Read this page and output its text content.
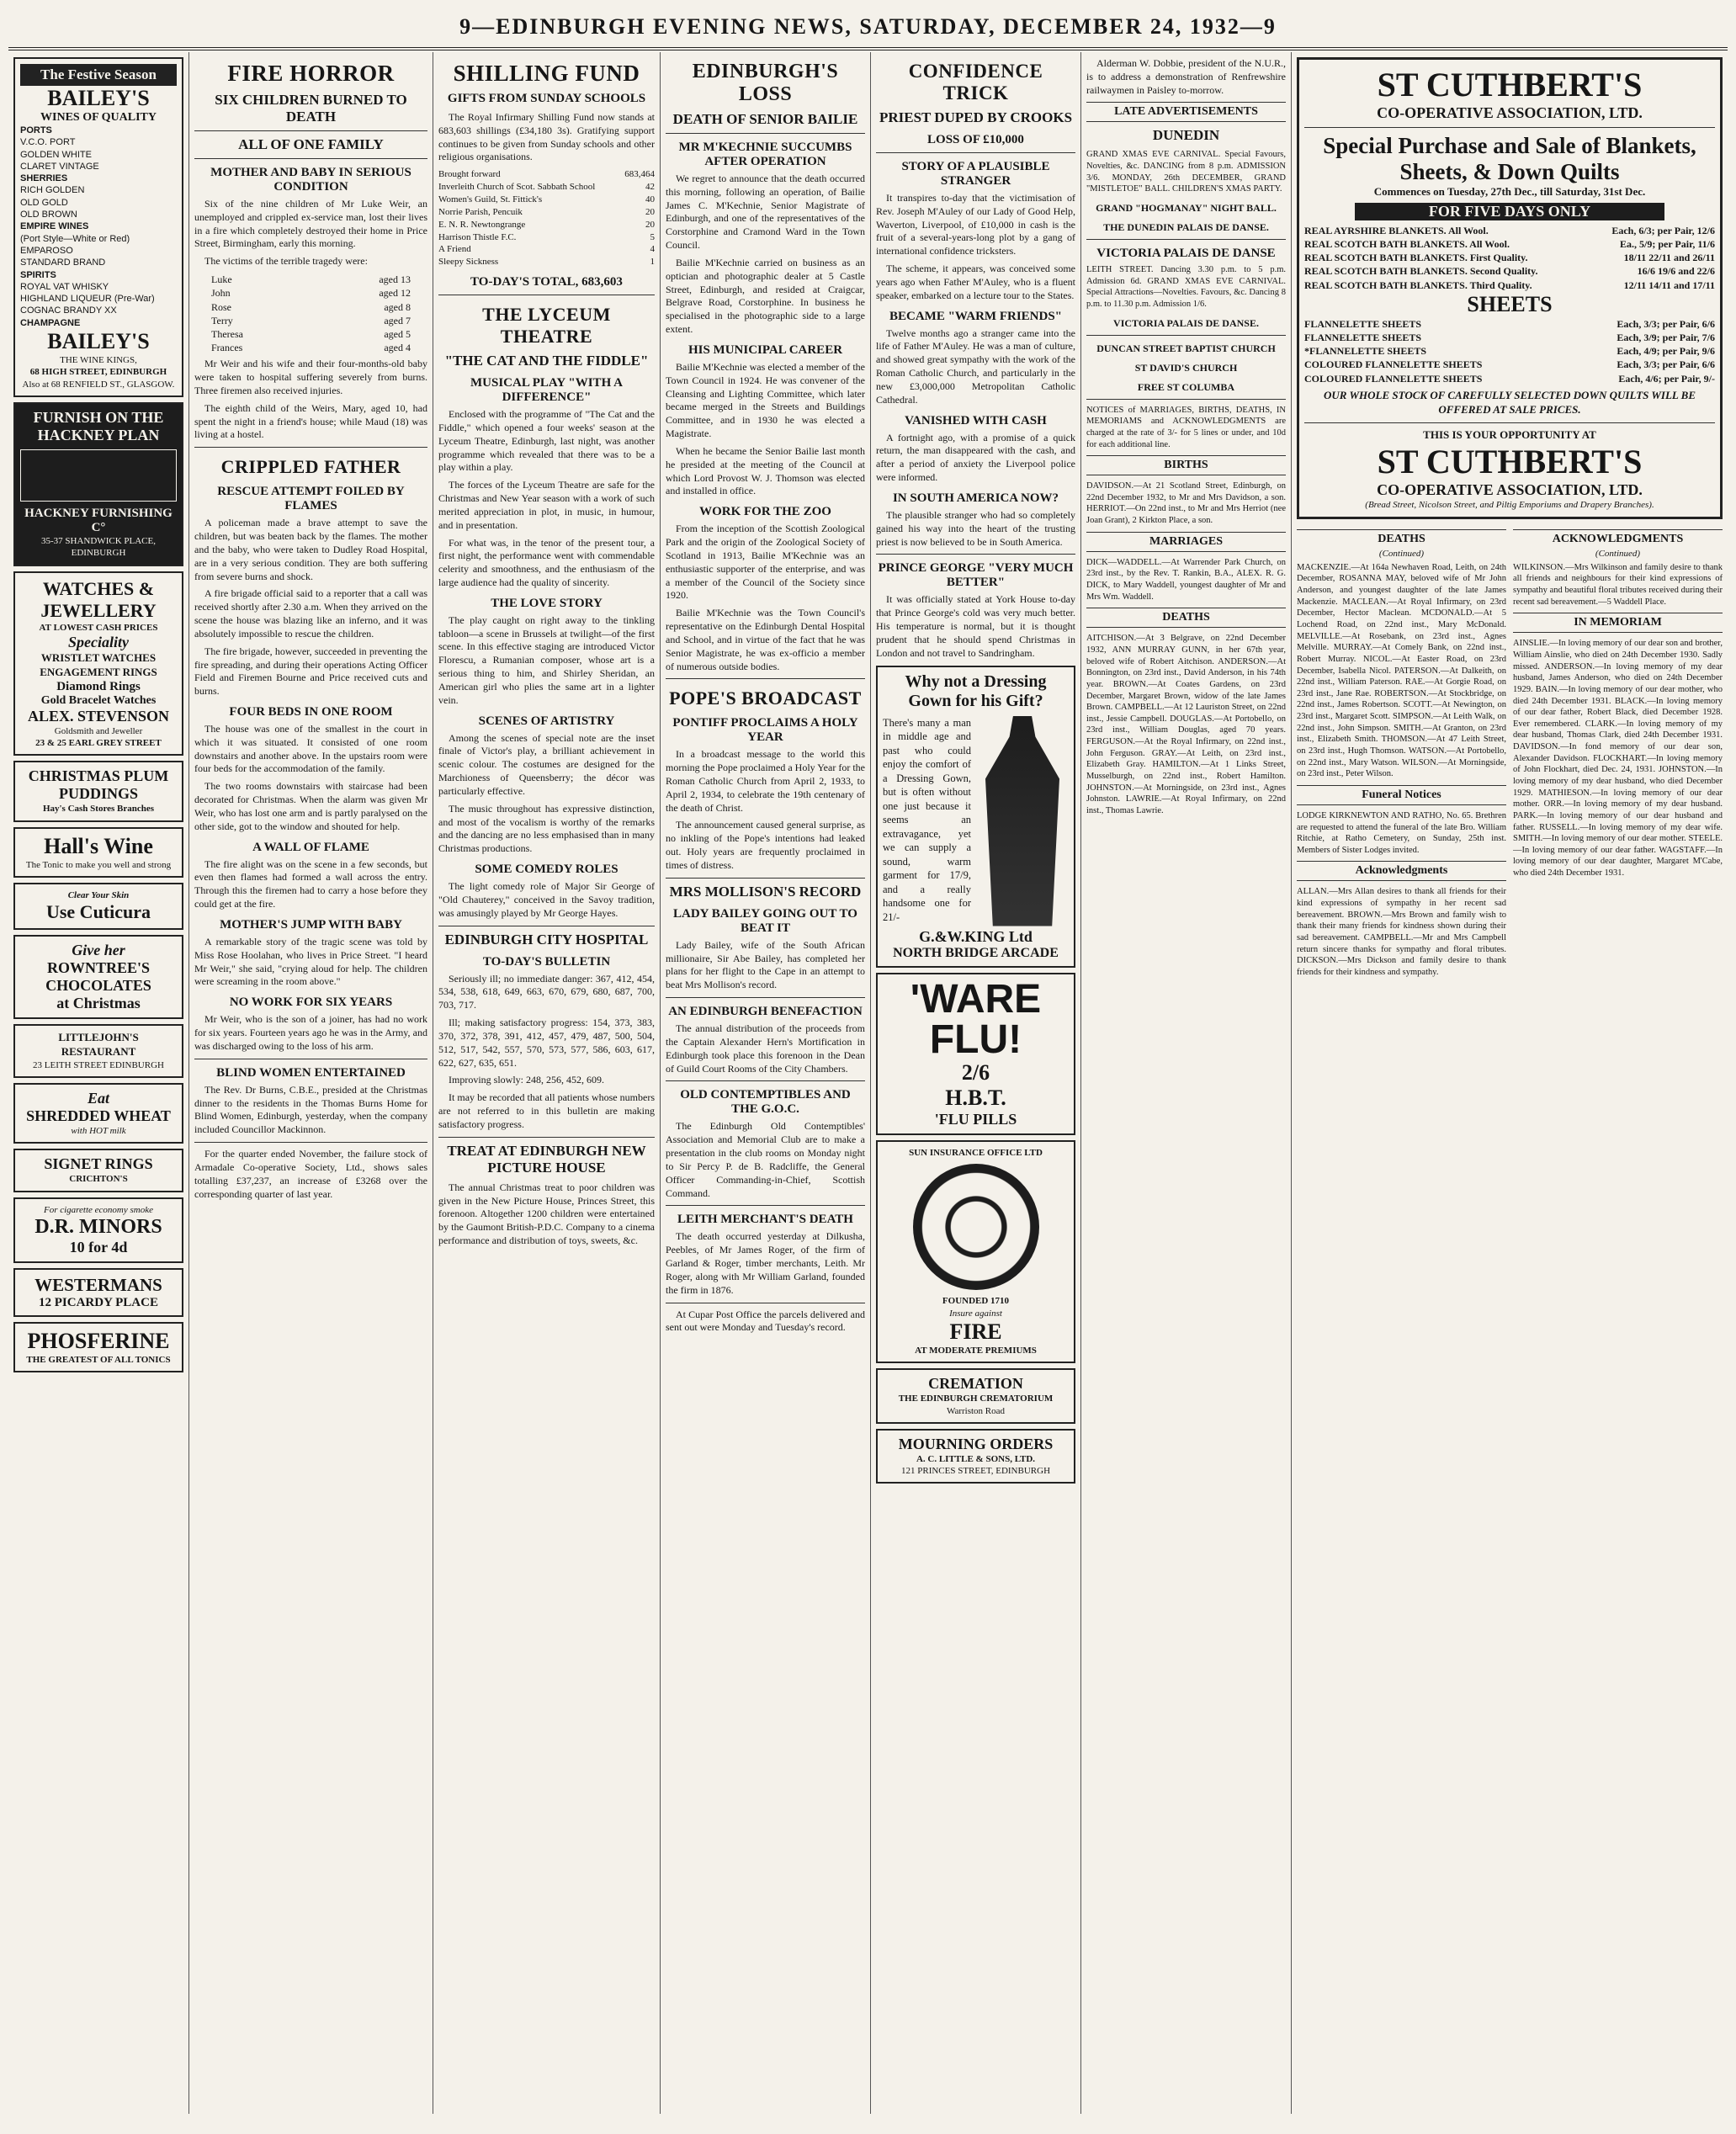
9—EDINBURGH EVENING NEWS, SATURDAY, DECEMBER 24, 1932—9
The Festive Season
BAILEY'S
WINES OF QUALITY
PORTS
V.C.O. PORT
GOLDEN WHITE
CLARET VINTAGE
SHERRIES
RICH GOLDEN
OLD GOLD
OLD BROWN
EMPIRE WINES
(Port Style—White or Red)
EMPAROSO
STANDARD BRAND
SPIRITS
ROYAL VAT WHISKY
HIGHLAND LIQUEUR (Pre-War)
COGNAC BRANDY XX
CHAMPAGNE
BAILEY'S
THE WINE KINGS,
68 HIGH STREET, EDINBURGH
Also at 68 RENFIELD ST., GLASGOW.
FURNISH ON THE HACKNEY PLAN
HACKNEY FURNISHING C°
35-37 SHANDWICK PLACE, EDINBURGH
WATCHES & JEWELLERY
AT LOWEST CASH PRICES
Speciality
WRISTLET WATCHES
ENGAGEMENT RINGS
Diamond Rings
Gold Bracelet Watches
ALEX. STEVENSON
Goldsmith and Jeweller
23 & 25 EARL GREY STREET
CHRISTMAS PLUM PUDDINGS
Hay's Cash Stores Branches
Hall's Wine
The Tonic to make you well and strong
Clear Your Skin
Use Cuticura
Give her
ROWNTREE'S CHOCOLATES
at Christmas
LITTLEJOHN'S RESTAURANT
23 LEITH STREET EDINBURGH
Eat
SHREDDED WHEAT
with HOT milk
SIGNET RINGS
CRICHTON'S
For cigarette economy smoke
D.R. MINORS
10 for 4d
WESTERMANS
12 PICARDY PLACE
PHOSFERINE
THE GREATEST OF ALL TONICS
FIRE HORROR
SIX CHILDREN BURNED TO DEATH
ALL OF ONE FAMILY
MOTHER AND BABY IN SERIOUS CONDITION

Six of the nine children of Mr Luke Weir, an unemployed and crippled ex-service man, lost their lives in a fire which completely destroyed their home in Price Street, Birmingham, early this morning.

The victims of the terrible tragedy were:

Luke	aged 13
John	aged 12
Rose	aged 8
Terry	aged 7
Theresa	aged 5
Frances	aged 4

Mr Weir and his wife and their four-months-old baby were taken to hospital suffering severely from burns. Three firemen also received injuries.

The eighth child of the Weirs, Mary, aged 10, had spent the night in a friend's house; while Maud (18) was living at a hostel.

CRIPPLED FATHER
RESCUE ATTEMPT FOILED BY FLAMES

A policeman made a brave attempt to save the children, but was beaten back by the flames. The mother and the baby, who were taken to Dudley Road Hospital, are in a very serious condition. They are both suffering from severe burns and shock.

A fire brigade official said to a reporter that a call was received shortly after 2.30 a.m. When they arrived on the scene the house was blazing like an inferno, and it was absolutely impossible to rescue the children.

The fire brigade, however, succeeded in preventing the fire spreading, and during their operations Acting Officer Field and Firemen Bourne and Price received cuts and burns.

FOUR BEDS IN ONE ROOM

The house was one of the smallest in the court in which it was situated. It consisted of one room downstairs and another above. In the upstairs room were four beds for the accommodation of the family.

The two rooms downstairs with staircase had been decorated for Christmas. When the alarm was given Mr Weir, who has lost one arm and is partly paralysed on the other side, got to the window and shouted for help.

A WALL OF FLAME

The fire alight was on the scene in a few seconds, but even then flames had formed a wall across the entry. Through this the firemen had to carry a hose before they could get at the fire.

MOTHER'S JUMP WITH BABY

A remarkable story of the tragic scene was told by Miss Rose Hoolahan, who lives in Price Street. "I heard Mr Weir," she said, "crying aloud for help. The children were screaming in the room above."

NO WORK FOR SIX YEARS

Mr Weir, who is the son of a joiner, has had no work for six years. Fourteen years ago he was in the Army, and was discharged owing to the loss of his arm.

BLIND WOMEN ENTERTAINED

The Rev. Dr Burns, C.B.E., presided at the Christmas dinner to the residents in the Thomas Burns Home for Blind Women, Edinburgh, yesterday, when the company included Councillor Mackinnon.

For the quarter ended November, the failure stock of Armadale Co-operative Society, Ltd., shows sales totalling £37,237, an increase of £3268 over the corresponding quarter of last year.

SHILLING FUND
GIFTS FROM SUNDAY SCHOOLS

The Royal Infirmary Shilling Fund now stands at 683,603 shillings (£34,180 3s). Gratifying support continues to be given from Sunday schools and other religious organisations.

Brought forward	683,464
Inverleith Church of Scot. Sabbath School	42
Women's Guild, St. Fittick's	40
Norrie Parish, Pencuik	20
E. N. R. Newtongrange	20
Harrison Thistle F.C.	5
A Friend	4
Sleepy Sickness	1
TO-DAY'S TOTAL, 683,603
THE LYCEUM THEATRE
"THE CAT AND THE FIDDLE"
MUSICAL PLAY "WITH A DIFFERENCE"

Enclosed with the programme of "The Cat and the Fiddle," which opened a four weeks' season at the Lyceum Theatre, Edinburgh, last night, was another programme which revealed that there was to be a play within a play.

The forces of the Lyceum Theatre are safe for the Christmas and New Year season with a work of such merited appreciation in plot, in music, in humour, and in presentation.

For what was, in the tenor of the present tour, a first night, the performance went with commendable celerity and smoothness, and the enthusiasm of the large audience had the quality of sincerity.

THE LOVE STORY

The play caught on right away to the tinkling tabloon—a scene in Brussels at twilight—of the first scene. In this effective staging are introduced Victor Florescu, a Rumanian composer, whose art is a serious thing to him, and Shirley Sheridan, an American girl who plies the same art in a lighter vein.

SCENES OF ARTISTRY

Among the scenes of special note are the inset finale of Victor's play, a brilliant achievement in scenic colour. The costumes are designed for the Marchioness of Queensberry; the décor was particularly effective.

The music throughout has expressive distinction, and most of the vocalism is worthy of the remarks and the dancing are no less emphasised than in many Christmas productions.

SOME COMEDY ROLES

The light comedy role of Major Sir George of "Old Chauterey," conceived in the Savoy tradition, was amusingly played by Mr George Hayes.

EDINBURGH CITY HOSPITAL
TO-DAY'S BULLETIN

Seriously ill; no immediate danger: 367, 412, 454, 534, 538, 618, 649, 663, 670, 679, 680, 687, 700, 703, 717.

Ill; making satisfactory progress: 154, 373, 383, 370, 372, 378, 391, 412, 457, 479, 487, 500, 504, 512, 517, 542, 557, 570, 573, 577, 586, 603, 617, 622, 627, 635, 651.

Improving slowly: 248, 256, 452, 609.

It may be recorded that all patients whose numbers are not referred to in this bulletin are making satisfactory progress.

TREAT AT EDINBURGH NEW PICTURE HOUSE

The annual Christmas treat to poor children was given in the New Picture House, Princes Street, this forenoon. Altogether 1200 children were entertained by the Gaumont British-P.D.C. Company to a cinema performance and distribution of toys, sweets, &c.

EDINBURGH'S LOSS
DEATH OF SENIOR BAILIE
MR M'KECHNIE SUCCUMBS AFTER OPERATION

We regret to announce that the death occurred this morning, following an operation, of Bailie James C. M'Kechnie, Senior Magistrate of Edinburgh, and one of the representatives of the Corstorphine and Cramond Ward in the Town Council.

Bailie M'Kechnie carried on business as an optician and photographic dealer at 5 Castle Street, Edinburgh, and resided at Craigcar, Belgrave Road, Corstorphine. In business he specialised in the photographic side to a large extent.

HIS MUNICIPAL CAREER

Bailie M'Kechnie was elected a member of the Town Council in 1924. He was convener of the Cleansing and Lighting Committee, which later became merged in the Streets and Buildings Committee, and in 1930 he was elected a Magistrate.

When he became the Senior Bailie last month he presided at the meeting of the Council at which Lord Provost W. J. Thomson was elected and installed in office.

WORK FOR THE ZOO

From the inception of the Scottish Zoological Park and the origin of the Zoological Society of Scotland in 1913, Bailie M'Kechnie was an enthusiastic supporter of the enterprise, and was a member of the Council of the Society since 1920.

Bailie M'Kechnie was the Town Council's representative on the Edinburgh Dental Hospital and School, and in virtue of the fact that he was Senior Magistrate, he was ex-officio a member of numerous outside bodies.

POPE'S BROADCAST
PONTIFF PROCLAIMS A HOLY YEAR

In a broadcast message to the world this morning the Pope proclaimed a Holy Year for the Roman Catholic Church from April 2, 1933, to April 2, 1934, to celebrate the 19th centenary of the death of Christ.

The announcement caused general surprise, as no inkling of the Pope's intentions had leaked out. Holy years are frequently proclaimed in times of distress.

MRS MOLLISON'S RECORD
LADY BAILEY GOING OUT TO BEAT IT

Lady Bailey, wife of the South African millionaire, Sir Abe Bailey, has completed her plans for her flight to the Cape in an attempt to beat Mrs Mollison's record.

AN EDINBURGH BENEFACTION

The annual distribution of the proceeds from the Captain Alexander Hern's Mortification in Edinburgh took place this forenoon in the Dean of Guild Court Rooms of the City Chambers.

OLD CONTEMPTIBLES AND THE G.O.C.

The Edinburgh Old Contemptibles' Association and Memorial Club are to make a presentation in the club rooms on Monday night to Sir Percy P. de B. Radcliffe, the General Officer Commanding-in-Chief, Scottish Command.

LEITH MERCHANT'S DEATH

The death occurred yesterday at Dilkusha, Peebles, of Mr James Roger, of the firm of Garland & Roger, timber merchants, Leith. Mr Roger, along with Mr William Garland, founded the firm in 1876.

At Cupar Post Office the parcels delivered and sent out were Monday and Tuesday's record.

CONFIDENCE TRICK
PRIEST DUPED BY CROOKS
LOSS OF £10,000
STORY OF A PLAUSIBLE STRANGER

It transpires to-day that the victimisation of Rev. Joseph M'Auley of our Lady of Good Help, Waverton, Liverpool, of £10,000 in cash is the fruit of a several-years-long plot by a gang of international confidence tricksters.

The scheme, it appears, was conceived some years ago when Father M'Auley, who is a fluent speaker, embarked on a lecture tour to the States.

BECAME "WARM FRIENDS"

Twelve months ago a stranger came into the life of Father M'Auley. He was a man of culture, and showed great sympathy with the work of the Roman Catholic Church, and particularly in the new £3,000,000 Metropolitan Catholic Cathedral.

VANISHED WITH CASH

A fortnight ago, with a promise of a quick return, the man disappeared with the cash, and after a period of anxiety the Liverpool police were informed.

IN SOUTH AMERICA NOW?

The plausible stranger who had so completely gained his way into the heart of the trusting priest is now believed to be in South America.

PRINCE GEORGE "VERY MUCH BETTER"

It was officially stated at York House to-day that Prince George's cold was very much better. His temperature is normal, but it is thought prudent that he should spend Christmas in London and not travel to Sandringham.

Why not a Dressing Gown for his Gift?

There's many a man in middle age and past who could enjoy the comfort of a Dressing Gown, but is often without one just because it seems an extravagance, yet we can supply a sound, warm garment for 17/9, and a really handsome one for 21/-

G.&W.KING Ltd
NORTH BRIDGE ARCADE
'WARE FLU!
2/6
H.B.T.
'FLU PILLS
SUN INSURANCE OFFICE LTD
FOUNDED 1710
Insure against
FIRE
AT MODERATE PREMIUMS
CREMATION
THE EDINBURGH CREMATORIUM
Warriston Road
MOURNING ORDERS
A. C. LITTLE & SONS, LTD.
121 PRINCES STREET, EDINBURGH

Alderman W. Dobbie, president of the N.U.R., is to address a demonstration of Renfrewshire railwaymen in Paisley to-morrow.

LATE ADVERTISEMENTS
DUNEDIN

GRAND XMAS EVE CARNIVAL. Special Favours, Novelties, &c. DANCING from 8 p.m. ADMISSION 3/6. MONDAY, 26th DECEMBER, GRAND "MISTLETOE" BALL. CHILDREN'S XMAS PARTY.

GRAND "HOGMANAY" NIGHT BALL.
THE DUNEDIN PALAIS DE DANSE.
VICTORIA PALAIS DE DANSE

LEITH STREET. Dancing 3.30 p.m. to 5 p.m. Admission 6d. GRAND XMAS EVE CARNIVAL. Special Attractions—Novelties. Favours, &c. Dancing 8 p.m. to 11.30 p.m. Admission 1/6.

VICTORIA PALAIS DE DANSE.
DUNCAN STREET BAPTIST CHURCH
ST DAVID'S CHURCH
FREE ST COLUMBA

NOTICES of MARRIAGES, BIRTHS, DEATHS, IN MEMORIAMS and ACKNOWLEDGMENTS are charged at the rate of 3/- for 5 lines or under, and 10d for each additional line.

BIRTHS

DAVIDSON.—At 21 Scotland Street, Edinburgh, on 22nd December 1932, to Mr and Mrs Davidson, a son. HERRIOT.—On 22nd inst., to Mr and Mrs Herriot (nee Joan Grant), 2 Kirkton Place, a son.

MARRIAGES

DICK—WADDELL.—At Warrender Park Church, on 23rd inst., by the Rev. T. Rankin, B.A., ALEX. R. G. DICK, to Mary Waddell, youngest daughter of Mr and Mrs Wm. Waddell.

DEATHS

AITCHISON.—At 3 Belgrave, on 22nd December 1932, ANN MURRAY GUNN, in her 67th year, beloved wife of Robert Aitchison. ANDERSON.—At Bonnington, on 23rd inst., David Anderson, in his 74th year. BROWN.—At Coates Gardens, on 23rd December, Margaret Brown, widow of the late James Brown. CAMPBELL.—At 12 Lauriston Street, on 22nd inst., Jessie Campbell. DOUGLAS.—At Portobello, on 23rd inst., William Douglas, aged 70 years. FERGUSON.—At the Royal Infirmary, on 22nd inst., John Ferguson. GRAY.—At Leith, on 23rd inst., Elizabeth Gray. HAMILTON.—At 1 Links Street, Musselburgh, on 22nd inst., Robert Hamilton. JOHNSTON.—At Morningside, on 23rd inst., Agnes Johnston. LAWRIE.—At Royal Infirmary, on 22nd inst., Thomas Lawrie.

ST CUTHBERT'S
CO-OPERATIVE ASSOCIATION, LTD.
Special Purchase and Sale of Blankets, Sheets, & Down Quilts
Commences on Tuesday, 27th Dec., till Saturday, 31st Dec.
FOR FIVE DAYS ONLY
REAL AYRSHIRE BLANKETS. All Wool.	Each, 6/3; per Pair, 12/6
REAL SCOTCH BATH BLANKETS. All Wool.	Ea., 5/9; per Pair, 11/6
REAL SCOTCH BATH BLANKETS. First Quality.	18/11 22/11 and 26/11
REAL SCOTCH BATH BLANKETS. Second Quality.	16/6 19/6 and 22/6
REAL SCOTCH BATH BLANKETS. Third Quality.	12/11 14/11 and 17/11
SHEETS
FLANNELETTE SHEETS	Each, 3/3; per Pair, 6/6
FLANNELETTE SHEETS	Each, 3/9; per Pair, 7/6
*FLANNELETTE SHEETS	Each, 4/9; per Pair, 9/6
COLOURED FLANNELETTE SHEETS	Each, 3/3; per Pair, 6/6
COLOURED FLANNELETTE SHEETS	Each, 4/6; per Pair, 9/-
OUR WHOLE STOCK OF CAREFULLY SELECTED DOWN QUILTS WILL BE OFFERED AT SALE PRICES.
THIS IS YOUR OPPORTUNITY AT
ST CUTHBERT'S
CO-OPERATIVE ASSOCIATION, LTD.
(Bread Street, Nicolson Street, and Piltig Emporiums and Drapery Branches).
DEATHS
(Continued)

MACKENZIE.—At 164a Newhaven Road, Leith, on 24th December, ROSANNA MAY, beloved wife of Mr John Anderson, and youngest daughter of the late James Mackenzie. MACLEAN.—At Royal Infirmary, on 23rd December, Hector Maclean. MCDONALD.—At 5 Lochend Road, on 22nd inst., Mary McDonald. MELVILLE.—At Rosebank, on 23rd inst., Agnes Melville. MURRAY.—At Comely Bank, on 22nd inst., Robert Murray. NICOL.—At Easter Road, on 23rd December, Isabella Nicol. PATERSON.—At Dalkeith, on 22nd inst., William Paterson. RAE.—At Gorgie Road, on 23rd inst., Jane Rae. ROBERTSON.—At Stockbridge, on 22nd inst., James Robertson. SCOTT.—At Newington, on 23rd inst., Margaret Scott. SIMPSON.—At Leith Walk, on 22nd inst., John Simpson. SMITH.—At Granton, on 23rd inst., Elizabeth Smith. THOMSON.—At 47 Leith Street, on 23rd inst., Hugh Thomson. WATSON.—At Portobello, on 22nd inst., Mary Watson. WILSON.—At Morningside, on 23rd inst., Peter Wilson.

Funeral Notices

LODGE KIRKNEWTON AND RATHO, No. 65. Brethren are requested to attend the funeral of the late Bro. William Ritchie, at Ratho Cemetery, on Sunday, 25th inst. Members of Sister Lodges invited.

Acknowledgments

ALLAN.—Mrs Allan desires to thank all friends for their kind expressions of sympathy in her recent sad bereavement. BROWN.—Mrs Brown and family wish to thank their many friends for kindness shown during their sad bereavement. CAMPBELL.—Mr and Mrs Campbell return sincere thanks for sympathy and floral tributes. DICKSON.—Mrs Dickson and family desire to thank friends for their kindness and sympathy.

ACKNOWLEDGMENTS
(Continued)

WILKINSON.—Mrs Wilkinson and family desire to thank all friends and neighbours for their kind expressions of sympathy and beautiful floral tributes received during their recent sad bereavement.—5 Waddell Place.

IN MEMORIAM

AINSLIE.—In loving memory of our dear son and brother, William Ainslie, who died on 24th December 1930. Sadly missed. ANDERSON.—In loving memory of my dear husband, James Anderson, who died on 24th December 1929. BAIN.—In loving memory of our dear mother, who died 24th December 1931. BLACK.—In loving memory of our dear father, Robert Black, died December 1928. Ever remembered. CLARK.—In loving memory of my dear husband, Thomas Clark, died 24th December 1931. DAVIDSON.—In fond memory of our dear son, Alexander Davidson. FLOCKHART.—In loving memory of John Flockhart, died Dec. 24, 1931. JOHNSTON.—In loving memory of my dear husband, who died December 1929. MATHIESON.—In loving memory of our dear mother. ORR.—In loving memory of my dear husband. PARK.—In loving memory of our dear husband and father. RUSSELL.—In loving memory of my dear wife. SMITH.—In loving memory of our dear mother. STEELE.—In loving memory of our dear father. WAGSTAFF.—In loving memory of our dear daughter, Margaret M'Cabe, who died 24th December 1931.
